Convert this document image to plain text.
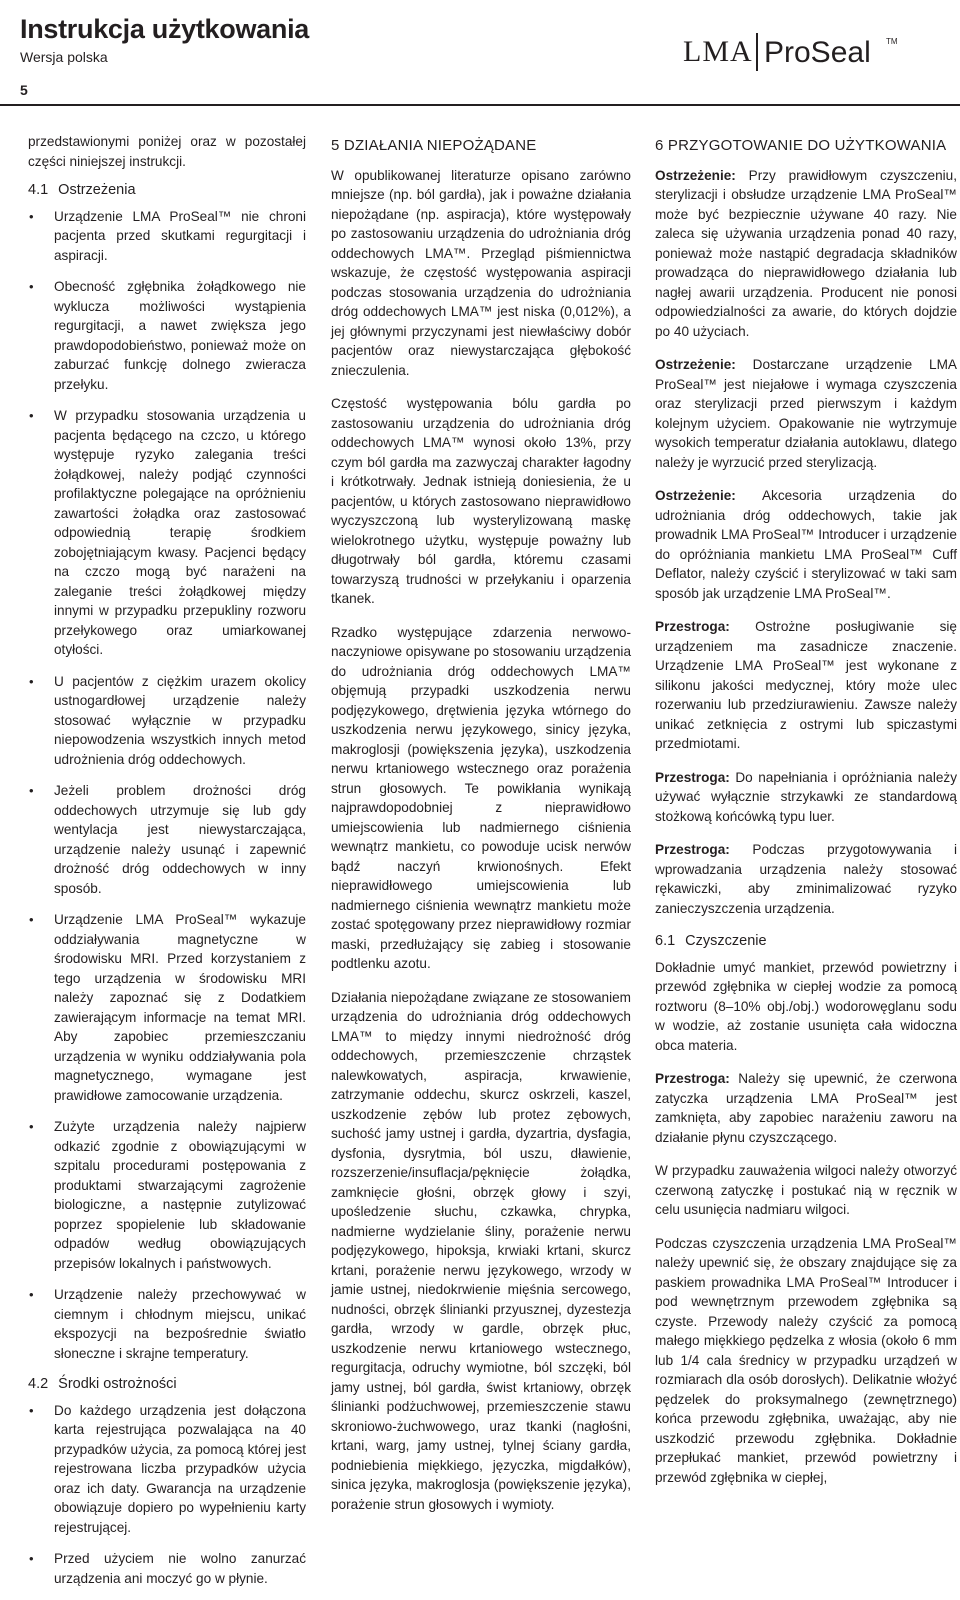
Instrukcja użytkowania
Wersja polska
5
LMA ProSeal TM

przedstawionymi poniżej oraz w pozostałej części niniejszej instrukcji.

4.1 Ostrzeżenia
• Urządzenie LMA ProSeal™ nie chroni pacjenta przed skutkami regurgitacji i aspiracji.
• Obecność zgłębnika żołądkowego nie wyklucza możliwości wystąpienia regurgitacji, a nawet zwiększa jego prawdopodobieństwo, ponieważ może on zaburzać funkcję dolnego zwieracza przełyku.
• W przypadku stosowania urządzenia u pacjenta będącego na czczo, u którego występuje ryzyko zalegania treści żołądkowej, należy podjąć czynności profilaktyczne polegające na opróżnieniu zawartości żołądka oraz zastosować odpowiednią terapię środkiem zobojętniającym kwasy. Pacjenci będący na czczo mogą być narażeni na zaleganie treści żołądkowej między innymi w przypadku przepukliny rozworu przełykowego oraz umiarkowanej otyłości.
• U pacjentów z ciężkim urazem okolicy ustnogardłowej urządzenie należy stosować wyłącznie w przypadku niepowodzenia wszystkich innych metod udrożnienia dróg oddechowych.
• Jeżeli problem drożności dróg oddechowych utrzymuje się lub gdy wentylacja jest niewystarczająca, urządzenie należy usunąć i zapewnić drożność dróg oddechowych w inny sposób.
• Urządzenie LMA ProSeal™ wykazuje oddziaływania magnetyczne w środowisku MRI. Przed korzystaniem z tego urządzenia w środowisku MRI należy zapoznać się z Dodatkiem zawierającym informacje na temat MRI. Aby zapobiec przemieszczaniu urządzenia w wyniku oddziaływania pola magnetycznego, wymagane jest prawidłowe zamocowanie urządzenia.
• Zużyte urządzenia należy najpierw odkazić zgodnie z obowiązującymi w szpitalu procedurami postępowania z produktami stwarzającymi zagrożenie biologiczne, a następnie zutylizować poprzez spopielenie lub składowanie odpadów według obowiązujących przepisów lokalnych i państwowych.
• Urządzenie należy przechowywać w ciemnym i chłodnym miejscu, unikać ekspozycji na bezpośrednie światło słoneczne i skrajne temperatury.
4.2 Środki ostrożności
• Do każdego urządzenia jest dołączona karta rejestrująca pozwalająca na 40 przypadków użycia, za pomocą której jest rejestrowana liczba przypadków użycia oraz ich daty. Gwarancja na urządzenie obowiązuje dopiero po wypełnieniu karty rejestrującej.
• Przed użyciem nie wolno zanurzać urządzenia ani moczyć go w płynie.
5 DZIAŁANIA NIEPOŻĄDANE

W opublikowanej literaturze opisano zarówno mniejsze (np. ból gardła), jak i poważne działania niepożądane (np. aspiracja), które występowały po zastosowaniu urządzenia do udrożniania dróg oddechowych LMA™. Przegląd piśmiennictwa wskazuje, że częstość występowania aspiracji podczas stosowania urządzenia do udrożniania dróg oddechowych LMA™ jest niska (0,012%), a jej głównymi przyczynami jest niewłaściwy dobór pacjentów oraz niewystarczająca głębokość znieczulenia.

Częstość występowania bólu gardła po zastosowaniu urządzenia do udrożniania dróg oddechowych LMA™ wynosi około 13%, przy czym ból gardła ma zazwyczaj charakter łagodny i krótkotrwały. Jednak istnieją doniesienia, że u pacjentów, u których zastosowano nieprawidłowo wyczyszczoną lub wysterylizowaną maskę wielokrotnego użytku, występuje poważny lub długotrwały ból gardła, któremu czasami towarzyszą trudności w przełykaniu i oparzenia tkanek.

Rzadko występujące zdarzenia nerwowo-naczyniowe opisywane po stosowaniu urządzenia do udrożniania dróg oddechowych LMA™ objęmują przypadki uszkodzenia nerwu podjęzykowego, drętwienia języka wtórnego do uszkodzenia nerwu językowego, sinicy języka, makroglosji (powiększenia języka), uszkodzenia nerwu krtaniowego wstecznego oraz porażenia strun głosowych. Te powikłania wynikają najprawdopodobniej z nieprawidłowo umiejscowienia lub nadmiernego ciśnienia wewnątrz mankietu, co powoduje ucisk nerwów bądź naczyń krwionośnych. Efekt nieprawidłowego umiejscowienia lub nadmiernego ciśnienia wewnątrz mankietu może zostać spotęgowany przez nieprawidłowy rozmiar maski, przedłużający się zabieg i stosowanie podtlenku azotu.

Działania niepożądane związane ze stosowaniem urządzenia do udrożniania dróg oddechowych LMA™ to między innymi niedrożność dróg oddechowych, przemieszczenie chrząstek nalewkowatych, aspiracja, krwawienie, zatrzymanie oddechu, skurcz oskrzeli, kaszel, uszkodzenie zębów lub protez zębowych, suchość jamy ustnej i gardła, dyzartria, dysfagia, dysfonia, dysrytmia, ból uszu, dławienie, rozszerzenie/insuflacja/pęknięcie żołądka, zamknięcie głośni, obrzęk głowy i szyi, upośledzenie słuchu, czkawka, chrypka, nadmierne wydzielanie śliny, porażenie nerwu podjęzykowego, hipoksja, krwiaki krtani, skurcz krtani, porażenie nerwu językowego, wrzody w jamie ustnej, niedokrwienie mięśnia sercowego, nudności, obrzęk ślinianki przyusznej, dyzestezja gardła, wrzody w gardle, obrzęk płuc, uszkodzenie nerwu krtaniowego wstecznego, regurgitacja, odruchy wymiotne, ból szczęki, ból jamy ustnej, ból gardła, świst krtaniowy, obrzęk ślinianki podżuchwowej, przemieszczenie stawu skroniowo-żuchwowego, uraz tkanki (nagłośni, krtani, warg, jamy ustnej, tylnej ściany gardła, podniebienia miękkiego, języczka, migdałków), sinica języka, makroglosja (powiększenie języka), porażenie strun głosowych i wymioty.

6 PRZYGOTOWANIE DO UŻYTKOWANIA

Ostrzeżenie: Przy prawidłowym czyszczeniu, sterylizacji i obsłudze urządzenie LMA ProSeal™ może być bezpiecznie używane 40 razy. Nie zaleca się używania urządzenia ponad 40 razy, ponieważ może nastąpić degradacja składników prowadząca do nieprawidłowego działania lub nagłej awarii urządzenia. Producent nie ponosi odpowiedzialności za awarie, do których dojdzie po 40 użyciach.

Ostrzeżenie: Dostarczane urządzenie LMA ProSeal™ jest niejałowe i wymaga czyszczenia oraz sterylizacji przed pierwszym i każdym kolejnym użyciem. Opakowanie nie wytrzymuje wysokich temperatur działania autoklawu, dlatego należy je wyrzucić przed sterylizacją.

Ostrzeżenie: Akcesoria urządzenia do udrożniania dróg oddechowych, takie jak prowadnik LMA ProSeal™ Introducer i urządzenie do opróżniania mankietu LMA ProSeal™ Cuff Deflator, należy czyścić i sterylizować w taki sam sposób jak urządzenie LMA ProSeal™.

Przestroga: Ostrożne posługiwanie się urządzeniem ma zasadnicze znaczenie. Urządzenie LMA ProSeal™ jest wykonane z silikonu jakości medycznej, który może ulec rozerwaniu lub przedziurawieniu. Zawsze należy unikać zetknięcia z ostrymi lub spiczastymi przedmiotami.

Przestroga: Do napełniania i opróżniania należy używać wyłącznie strzykawki ze standardową stożkową końcówką typu luer.

Przestroga: Podczas przygotowywania i wprowadzania urządzenia należy stosować rękawiczki, aby zminimalizować ryzyko zanieczyszczenia urządzenia.

6.1 Czyszczenie

Dokładnie umyć mankiet, przewód powietrzny i przewód zgłębnika w ciepłej wodzie za pomocą roztworu (8–10% obj./obj.) wodorowęglanu sodu w wodzie, aż zostanie usunięta cała widoczna obca materia.

Przestroga: Należy się upewnić, że czerwona zatyczka urządzenia LMA ProSeal™ jest zamknięta, aby zapobiec narażeniu zaworu na działanie płynu czyszczącego.

W przypadku zauważenia wilgoci należy otworzyć czerwoną zatyczkę i postukać nią w ręcznik w celu usunięcia nadmiaru wilgoci.

Podczas czyszczenia urządzenia LMA ProSeal™ należy upewnić się, że obszary znajdujące się za paskiem prowadnika LMA ProSeal™ Introducer i pod wewnętrznym przewodem zgłębnika są czyste. Przewody należy czyścić za pomocą małego miękkiego pędzelka z włosia (około 6 mm lub 1/4 cala średnicy w przypadku urządzeń w rozmiarach dla osób dorosłych). Delikatnie włożyć pędzelek do proksymalnego (zewnętrznego) końca przewodu zgłębnika, uważając, aby nie uszkodzić przewodu zgłębnika. Dokładnie przepłukać mankiet, przewód powietrzny i przewód zgłębnika w ciepłej,
